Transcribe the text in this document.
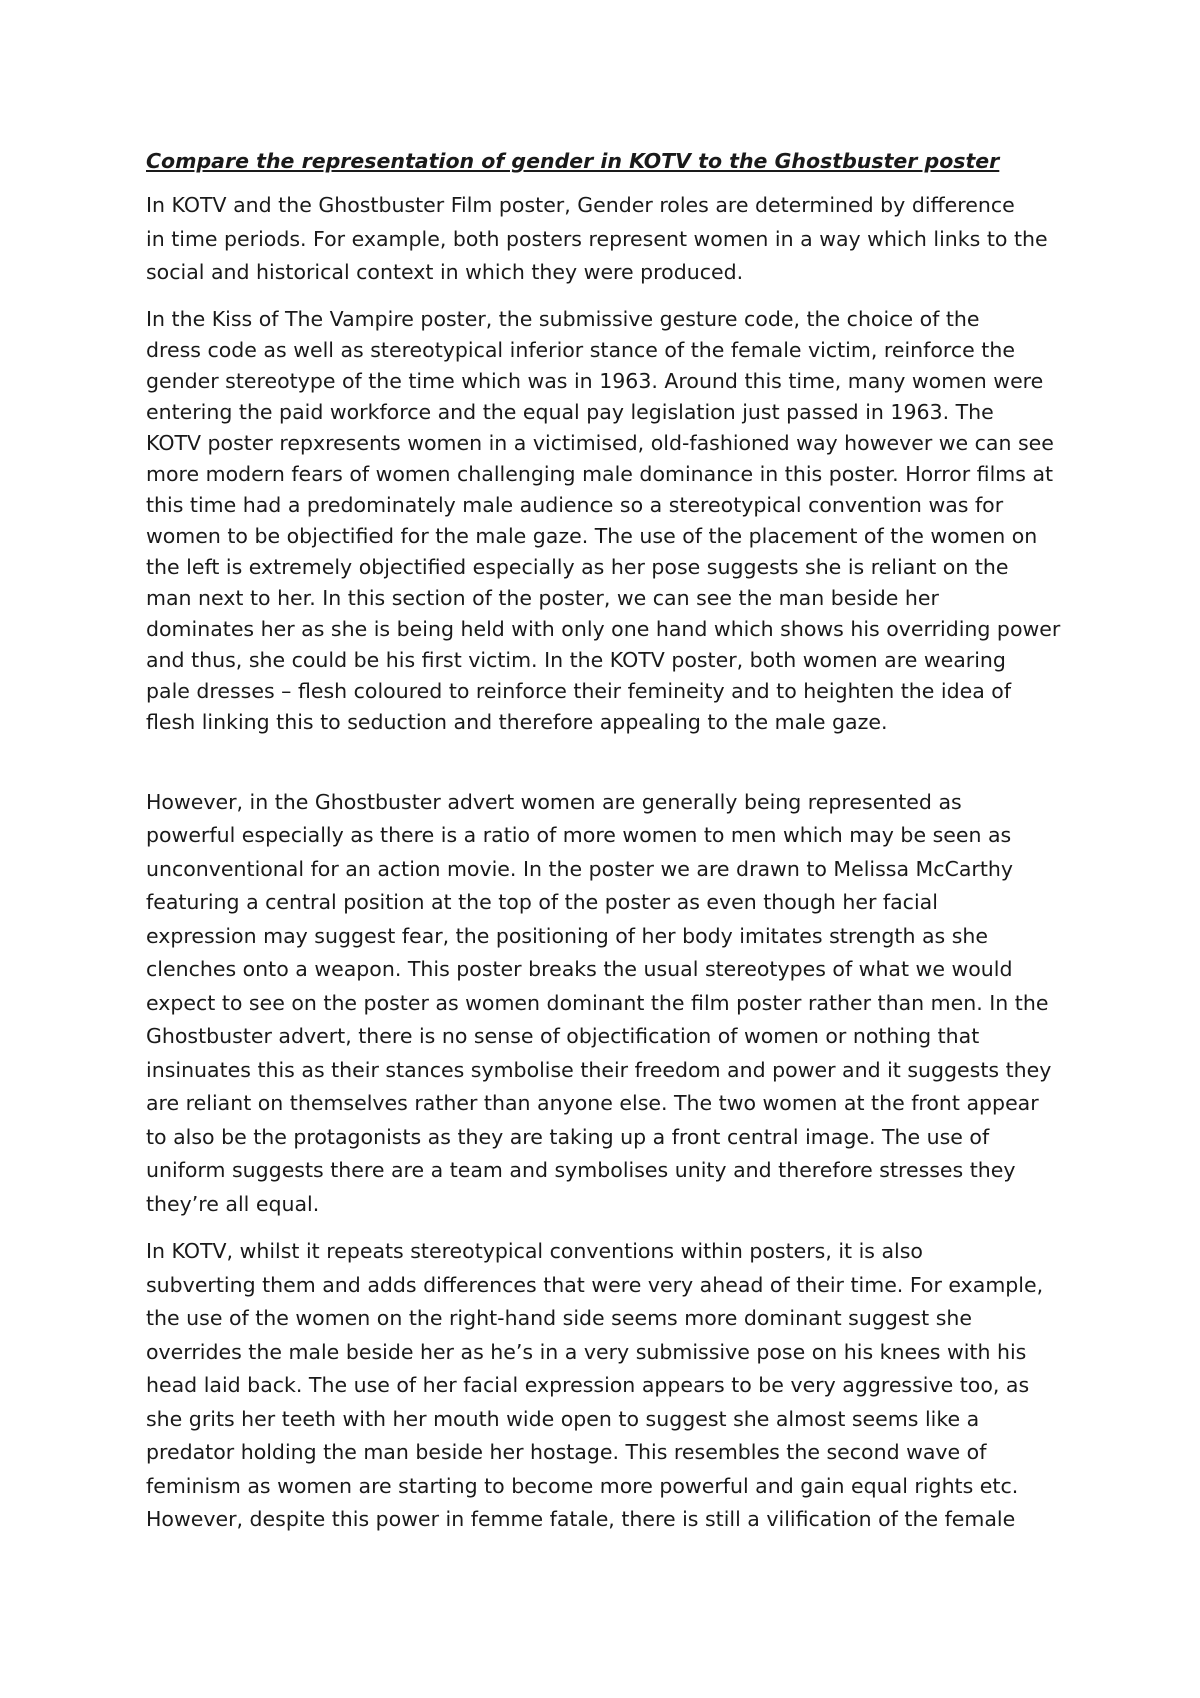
Compare the representation of gender in KOTV to the Ghostbuster poster
In KOTV and the Ghostbuster Film poster, Gender roles are determined by difference
in time periods. For example, both posters represent women in a way which links to the
social and historical context in which they were produced.
In the Kiss of The Vampire poster, the submissive gesture code, the choice of the
dress code as well as stereotypical inferior stance of the female victim, reinforce the
gender stereotype of the time which was in 1963. Around this time, many women were
entering the paid workforce and the equal pay legislation just passed in 1963. The
KOTV poster repxresents women in a victimised, old-fashioned way however we can see
more modern fears of women challenging male dominance in this poster. Horror films at
this time had a predominately male audience so a stereotypical convention was for
women to be objectified for the male gaze. The use of the placement of the women on
the left is extremely objectified especially as her pose suggests she is reliant on the
man next to her. In this section of the poster, we can see the man beside her
dominates her as she is being held with only one hand which shows his overriding power
and thus, she could be his first victim. In the KOTV poster, both women are wearing
pale dresses – flesh coloured to reinforce their femineity and to heighten the idea of
flesh linking this to seduction and therefore appealing to the male gaze.
However, in the Ghostbuster advert women are generally being represented as
powerful especially as there is a ratio of more women to men which may be seen as
unconventional for an action movie. In the poster we are drawn to Melissa McCarthy
featuring a central position at the top of the poster as even though her facial
expression may suggest fear, the positioning of her body imitates strength as she
clenches onto a weapon. This poster breaks the usual stereotypes of what we would
expect to see on the poster as women dominant the film poster rather than men. In the
Ghostbuster advert, there is no sense of objectification of women or nothing that
insinuates this as their stances symbolise their freedom and power and it suggests they
are reliant on themselves rather than anyone else. The two women at the front appear
to also be the protagonists as they are taking up a front central image. The use of
uniform suggests there are a team and symbolises unity and therefore stresses they
they’re all equal.
In KOTV, whilst it repeats stereotypical conventions within posters, it is also
subverting them and adds differences that were very ahead of their time. For example,
the use of the women on the right-hand side seems more dominant suggest she
overrides the male beside her as he’s in a very submissive pose on his knees with his
head laid back. The use of her facial expression appears to be very aggressive too, as
she grits her teeth with her mouth wide open to suggest she almost seems like a
predator holding the man beside her hostage. This resembles the second wave of
feminism as women are starting to become more powerful and gain equal rights etc.
However, despite this power in femme fatale, there is still a vilification of the female
